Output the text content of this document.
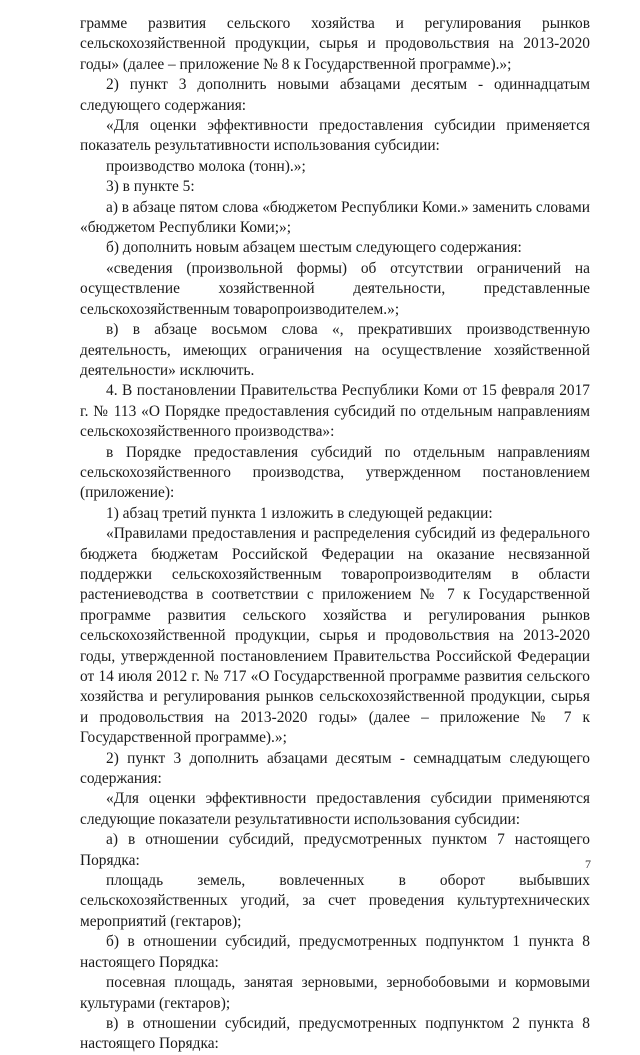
грамме развития сельского хозяйства и регулирования рынков сельскохозяйственной продукции, сырья и продовольствия на 2013-2020 годы» (далее – приложение № 8 к Государственной программе).»;

2) пункт 3 дополнить новыми абзацами десятым - одиннадцатым следующего содержания:

«Для оценки эффективности предоставления субсидии применяется показатель результативности использования субсидии:

производство молока (тонн).»;

3) в пункте 5:

а) в абзаце пятом слова «бюджетом Республики Коми.» заменить словами «бюджетом Республики Коми;»;

б) дополнить новым абзацем шестым следующего содержания:

«сведения (произвольной формы) об отсутствии ограничений на осуществление хозяйственной деятельности, представленные сельскохозяйственным товаропроизводителем.»;

в) в абзаце восьмом слова «, прекративших производственную деятельность, имеющих ограничения на осуществление хозяйственной деятельности» исключить.

4. В постановлении Правительства Республики Коми от 15 февраля 2017 г. № 113 «О Порядке предоставления субсидий по отдельным направлениям сельскохозяйственного производства»:

в Порядке предоставления субсидий по отдельным направлениям сельскохозяйственного производства, утвержденном постановлением (приложение):

1) абзац третий пункта 1 изложить в следующей редакции:

«Правилами предоставления и распределения субсидий из федерального бюджета бюджетам Российской Федерации на оказание несвязанной поддержки сельскохозяйственным товаропроизводителям в области растениеводства в соответствии с приложением № 7 к Государственной программе развития сельского хозяйства и регулирования рынков сельскохозяйственной продукции, сырья и продовольствия на 2013-2020 годы, утвержденной постановлением Правительства Российской Федерации от 14 июля 2012 г. № 717 «О Государственной программе развития сельского хозяйства и регулирования рынков сельскохозяйственной продукции, сырья и продовольствия на 2013-2020 годы» (далее – приложение № 7 к Государственной программе).»;

2) пункт 3 дополнить абзацами десятым - семнадцатым следующего содержания:

«Для оценки эффективности предоставления субсидии применяются следующие показатели результативности использования субсидии:

а) в отношении субсидий, предусмотренных пунктом 7 настоящего Порядка:

площадь земель, вовлеченных в оборот выбывших сельскохозяйственных угодий, за счет проведения культуртехнических мероприятий (гектаров);

б) в отношении субсидий, предусмотренных подпунктом 1 пункта 8 настоящего Порядка:

посевная площадь, занятая зерновыми, зернобобовыми и кормовыми культурами (гектаров);

в) в отношении субсидий, предусмотренных подпунктом 2 пункта 8 настоящего Порядка:

7
